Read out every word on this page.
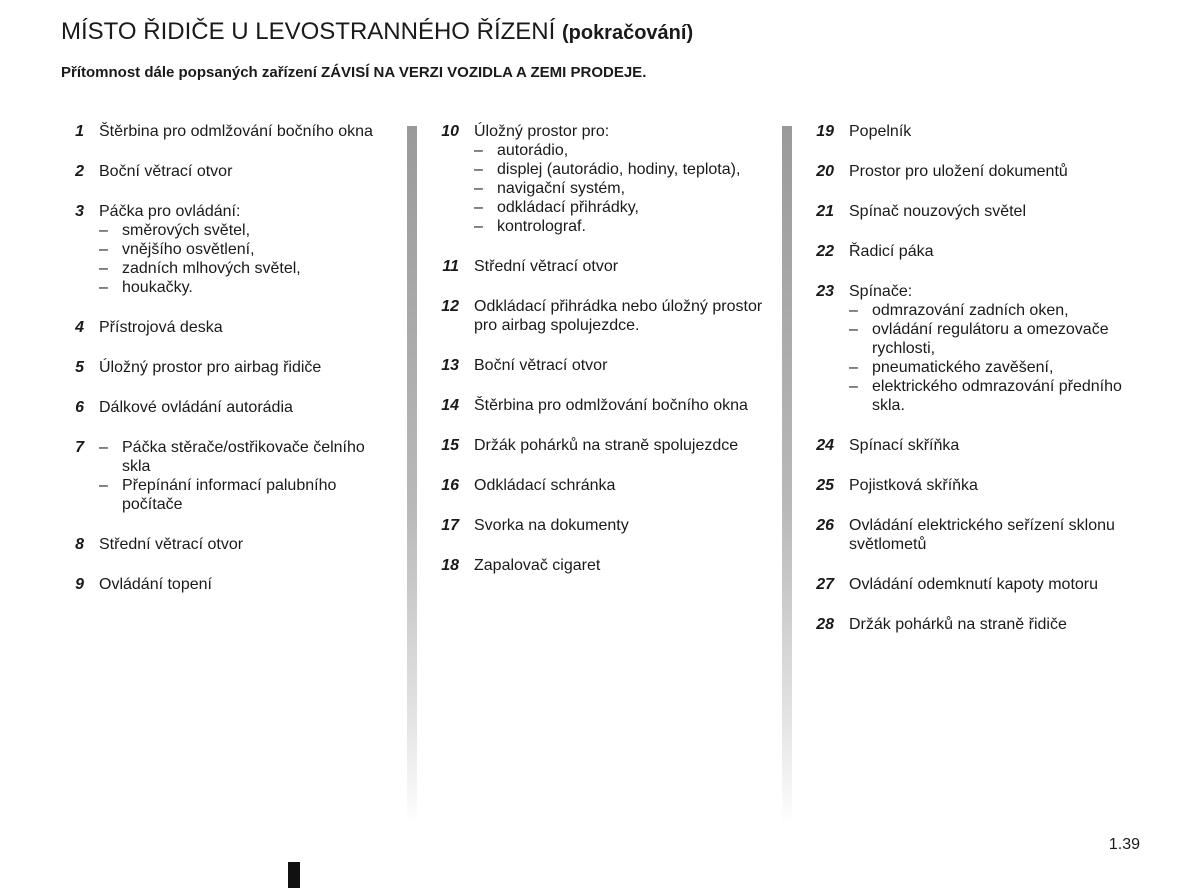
MÍSTO ŘIDIČE U LEVOSTRANNÉHO ŘÍZENÍ (pokračování)

Přítomnost dále popsaných zařízení ZÁVISÍ NA VERZI VOZIDLA A ZEMI PRODEJE.

1 Štěrbina pro odmlžování bočního okna
2 Boční větrací otvor
3 Páčka pro ovládání:
– směrových světel,
– vnějšího osvětlení,
– zadních mlhových světel,
– houkačky.
4 Přístrojová deska
5 Úložný prostor pro airbag řidiče
6 Dálkové ovládání autorádia
7
–	Páčka stěrače/ostřikovače čelního skla
– Přepínání informací palubního počítače
8 Střední větrací otvor
9 Ovládání topení
10 Úložný prostor pro:
– autorádio,
– displej (autorádio, hodiny, teplota),
– navigační systém,
– odkládací přihrádky,
– kontrolograf.
11 Střední větrací otvor
12 Odkládací přihrádka nebo úložný prostor pro airbag spolujezdce.
13 Boční větrací otvor
14 Štěrbina pro odmlžování bočního okna
15 Držák pohárků na straně spolujezdce
16 Odkládací schránka
17 Svorka na dokumenty
18 Zapalovač cigaret
19 Popelník
20 Prostor pro uložení dokumentů
21 Spínač nouzových světel
22 Řadicí páka
23 Spínače:
– odmrazování zadních oken,
– ovládání regulátoru a omezovače rychlosti,
– pneumatického zavěšení,
– elektrického odmrazování předního skla.
24 Spínací skříňka
25 Pojistková skříňka
26 Ovládání elektrického seřízení sklonu světlometů
27 Ovládání odemknutí kapoty motoru
28 Držák pohárků na straně řidiče

1.39
